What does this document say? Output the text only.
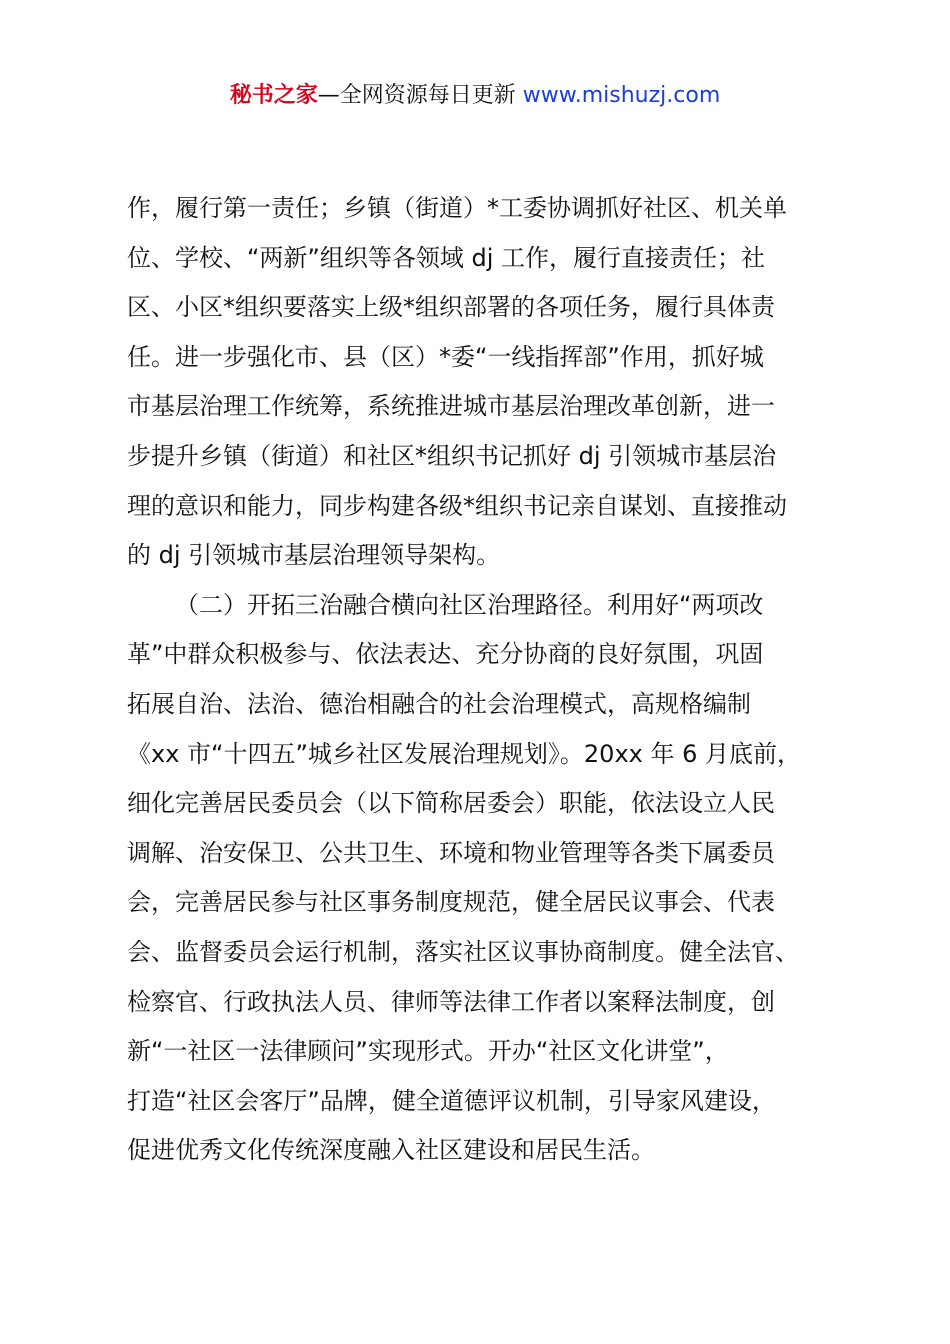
秘书之家—全网资源每日更新 www.mishuzj.com
作，履行第一责任；乡镇（街道）*工委协调抓好社区、机关单
位、学校、“两新”组织等各领域 dj 工作，履行直接责任；社
区、小区*组织要落实上级*组织部署的各项任务，履行具体责
任。进一步强化市、县（区）*委“一线指挥部”作用，抓好城
市基层治理工作统筹，系统推进城市基层治理改革创新，进一
步提升乡镇（街道）和社区*组织书记抓好 dj 引领城市基层治
理的意识和能力，同步构建各级*组织书记亲自谋划、直接推动
的 dj 引领城市基层治理领导架构。
（二）开拓三治融合横向社区治理路径。利用好“两项改
革”中群众积极参与、依法表达、充分协商的良好氛围，巩固
拓展自治、法治、德治相融合的社会治理模式，高规格编制
《xx 市“十四五”城乡社区发展治理规划》。20xx 年 6 月底前，
细化完善居民委员会（以下简称居委会）职能，依法设立人民
调解、治安保卫、公共卫生、环境和物业管理等各类下属委员
会，完善居民参与社区事务制度规范，健全居民议事会、代表
会、监督委员会运行机制，落实社区议事协商制度。健全法官、
检察官、行政执法人员、律师等法律工作者以案释法制度，创
新“一社区一法律顾问”实现形式。开办“社区文化讲堂”，
打造“社区会客厅”品牌，健全道德评议机制，引导家风建设，
促进优秀文化传统深度融入社区建设和居民生活。
